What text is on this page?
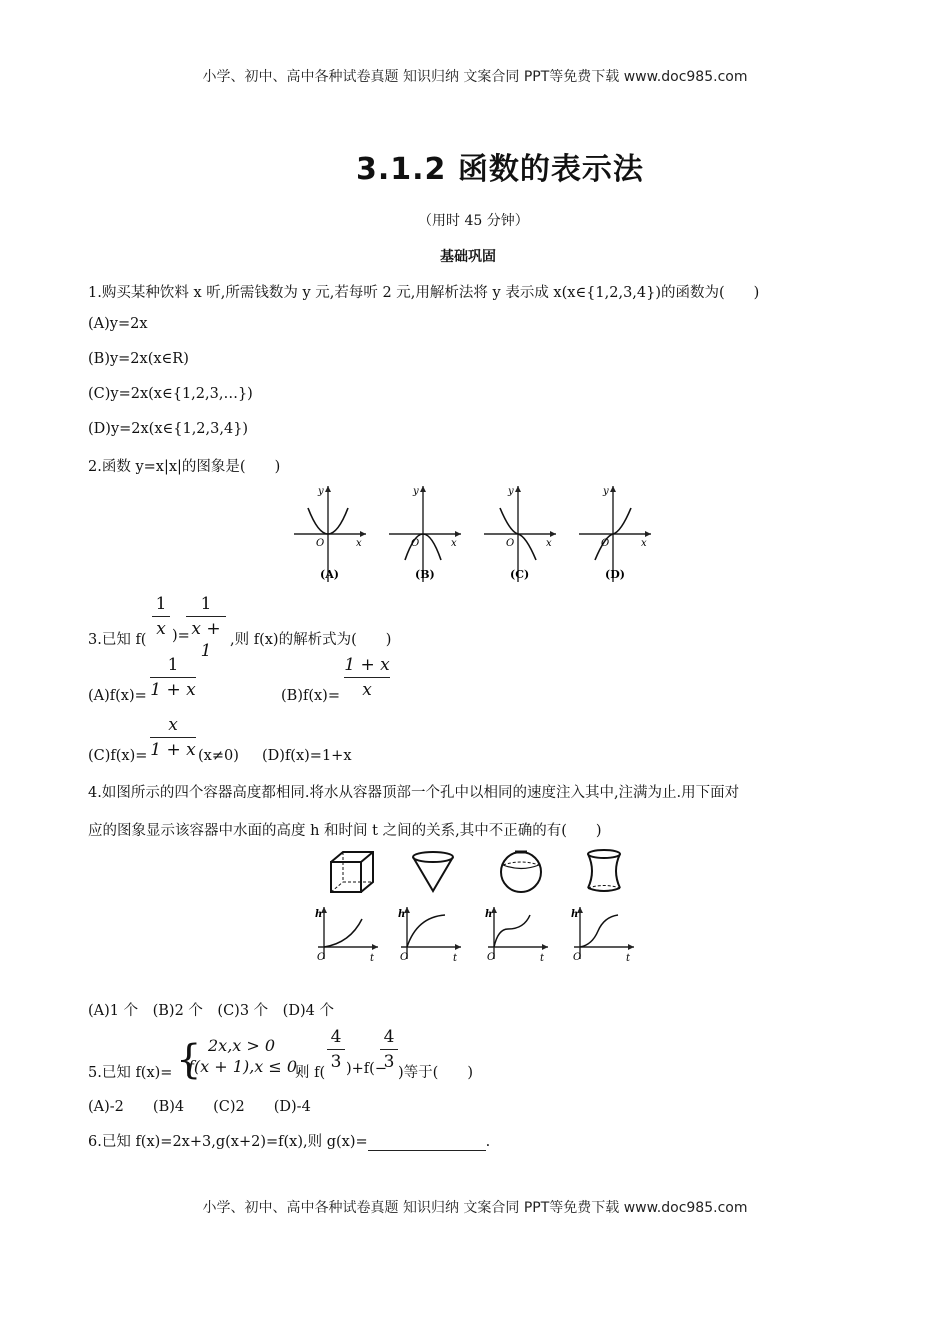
小学、初中、高中各种试卷真题 知识归纳 文案合同 PPT等免费下载 www.doc985.com
3.1.2 函数的表示法
（用时 45 分钟）
基础巩固
1.购买某种饮料 x 听,所需钱数为 y 元,若每听 2 元,用解析法将 y 表示成 x(x∈{1,2,3,4})的函数为(　　)
(A)y=2x
(B)y=2x(x∈R)
(C)y=2x(x∈{1,2,3,…})
(D)y=2x(x∈{1,2,3,4})
2.函数 y=x|x|的图象是(　　)
y
x
O
(A)
y
x
O
(B)
y
x
O
(C)
y
x
O
(D)
3.已知 f(
1
x )=
1
x + 1
,则 f(x)的解析式为(　　)
(A)f(x)=
1
1 + x	(B)f(x)=
1 + x
x
(C)f(x)=
x
1 + x (x≠0) (D)f(x)=1+x
4.如图所示的四个容器高度都相同.将水从容器顶部一个孔中以相同的速度注入其中,注满为止.用下面对
应的图象显示该容器中水面的高度 h 和时间 t 之间的关系,其中不正确的有(　　)
h
t
O
h
t
O
h
t
O
h
t
O
(A)1 个　(B)2 个　(C)3 个　(D)4 个
5.已知 f(x)= { 2x,x > 0
f(x + 1),x ≤ 0,
则 f(
4
3 )+f(−
4
3
)等于(　　)
(A)-2　　(B)4　　(C)2　　(D)-4
6.已知 f(x)=2x+3,g(x+2)=f(x),则 g(x)=	.
小学、初中、高中各种试卷真题 知识归纳 文案合同 PPT等免费下载 www.doc985.com
